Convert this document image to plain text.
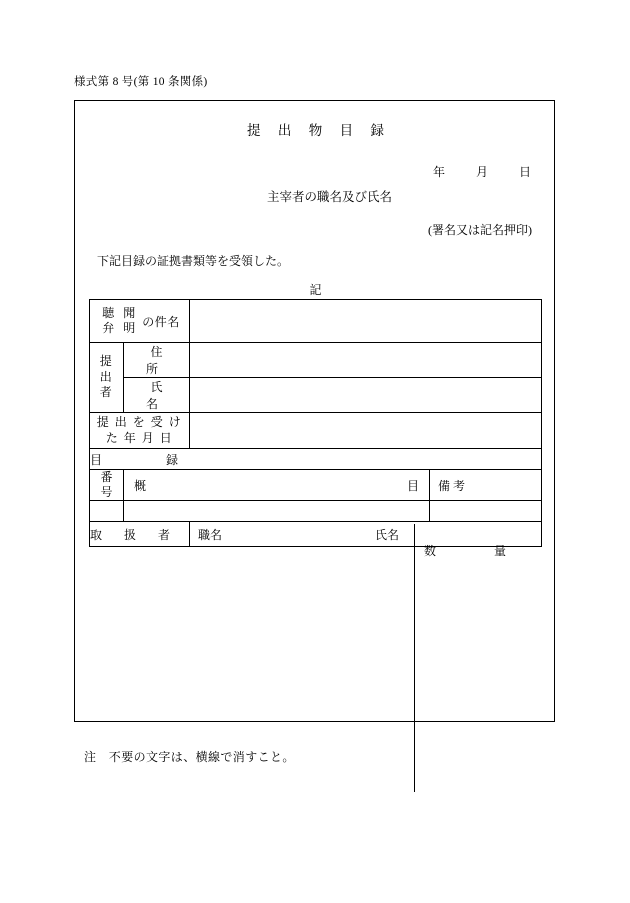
様式第 8 号(第 10 条関係)
提 出 物 目 録
年	月	日
主宰者の職名及び氏名
(署名又は記名押印)
下記目録の証拠書類等を受領した。
記
聴 聞
弁 明 の件名			

提 出
者	住　所		

	氏　名		

提 出 を 受 け
た 年 月 日			

目　録			

番
号	概	目	備 考

取　扱　者		職名 氏名	
数	量
注　不要の文字は、横線で消すこと。
